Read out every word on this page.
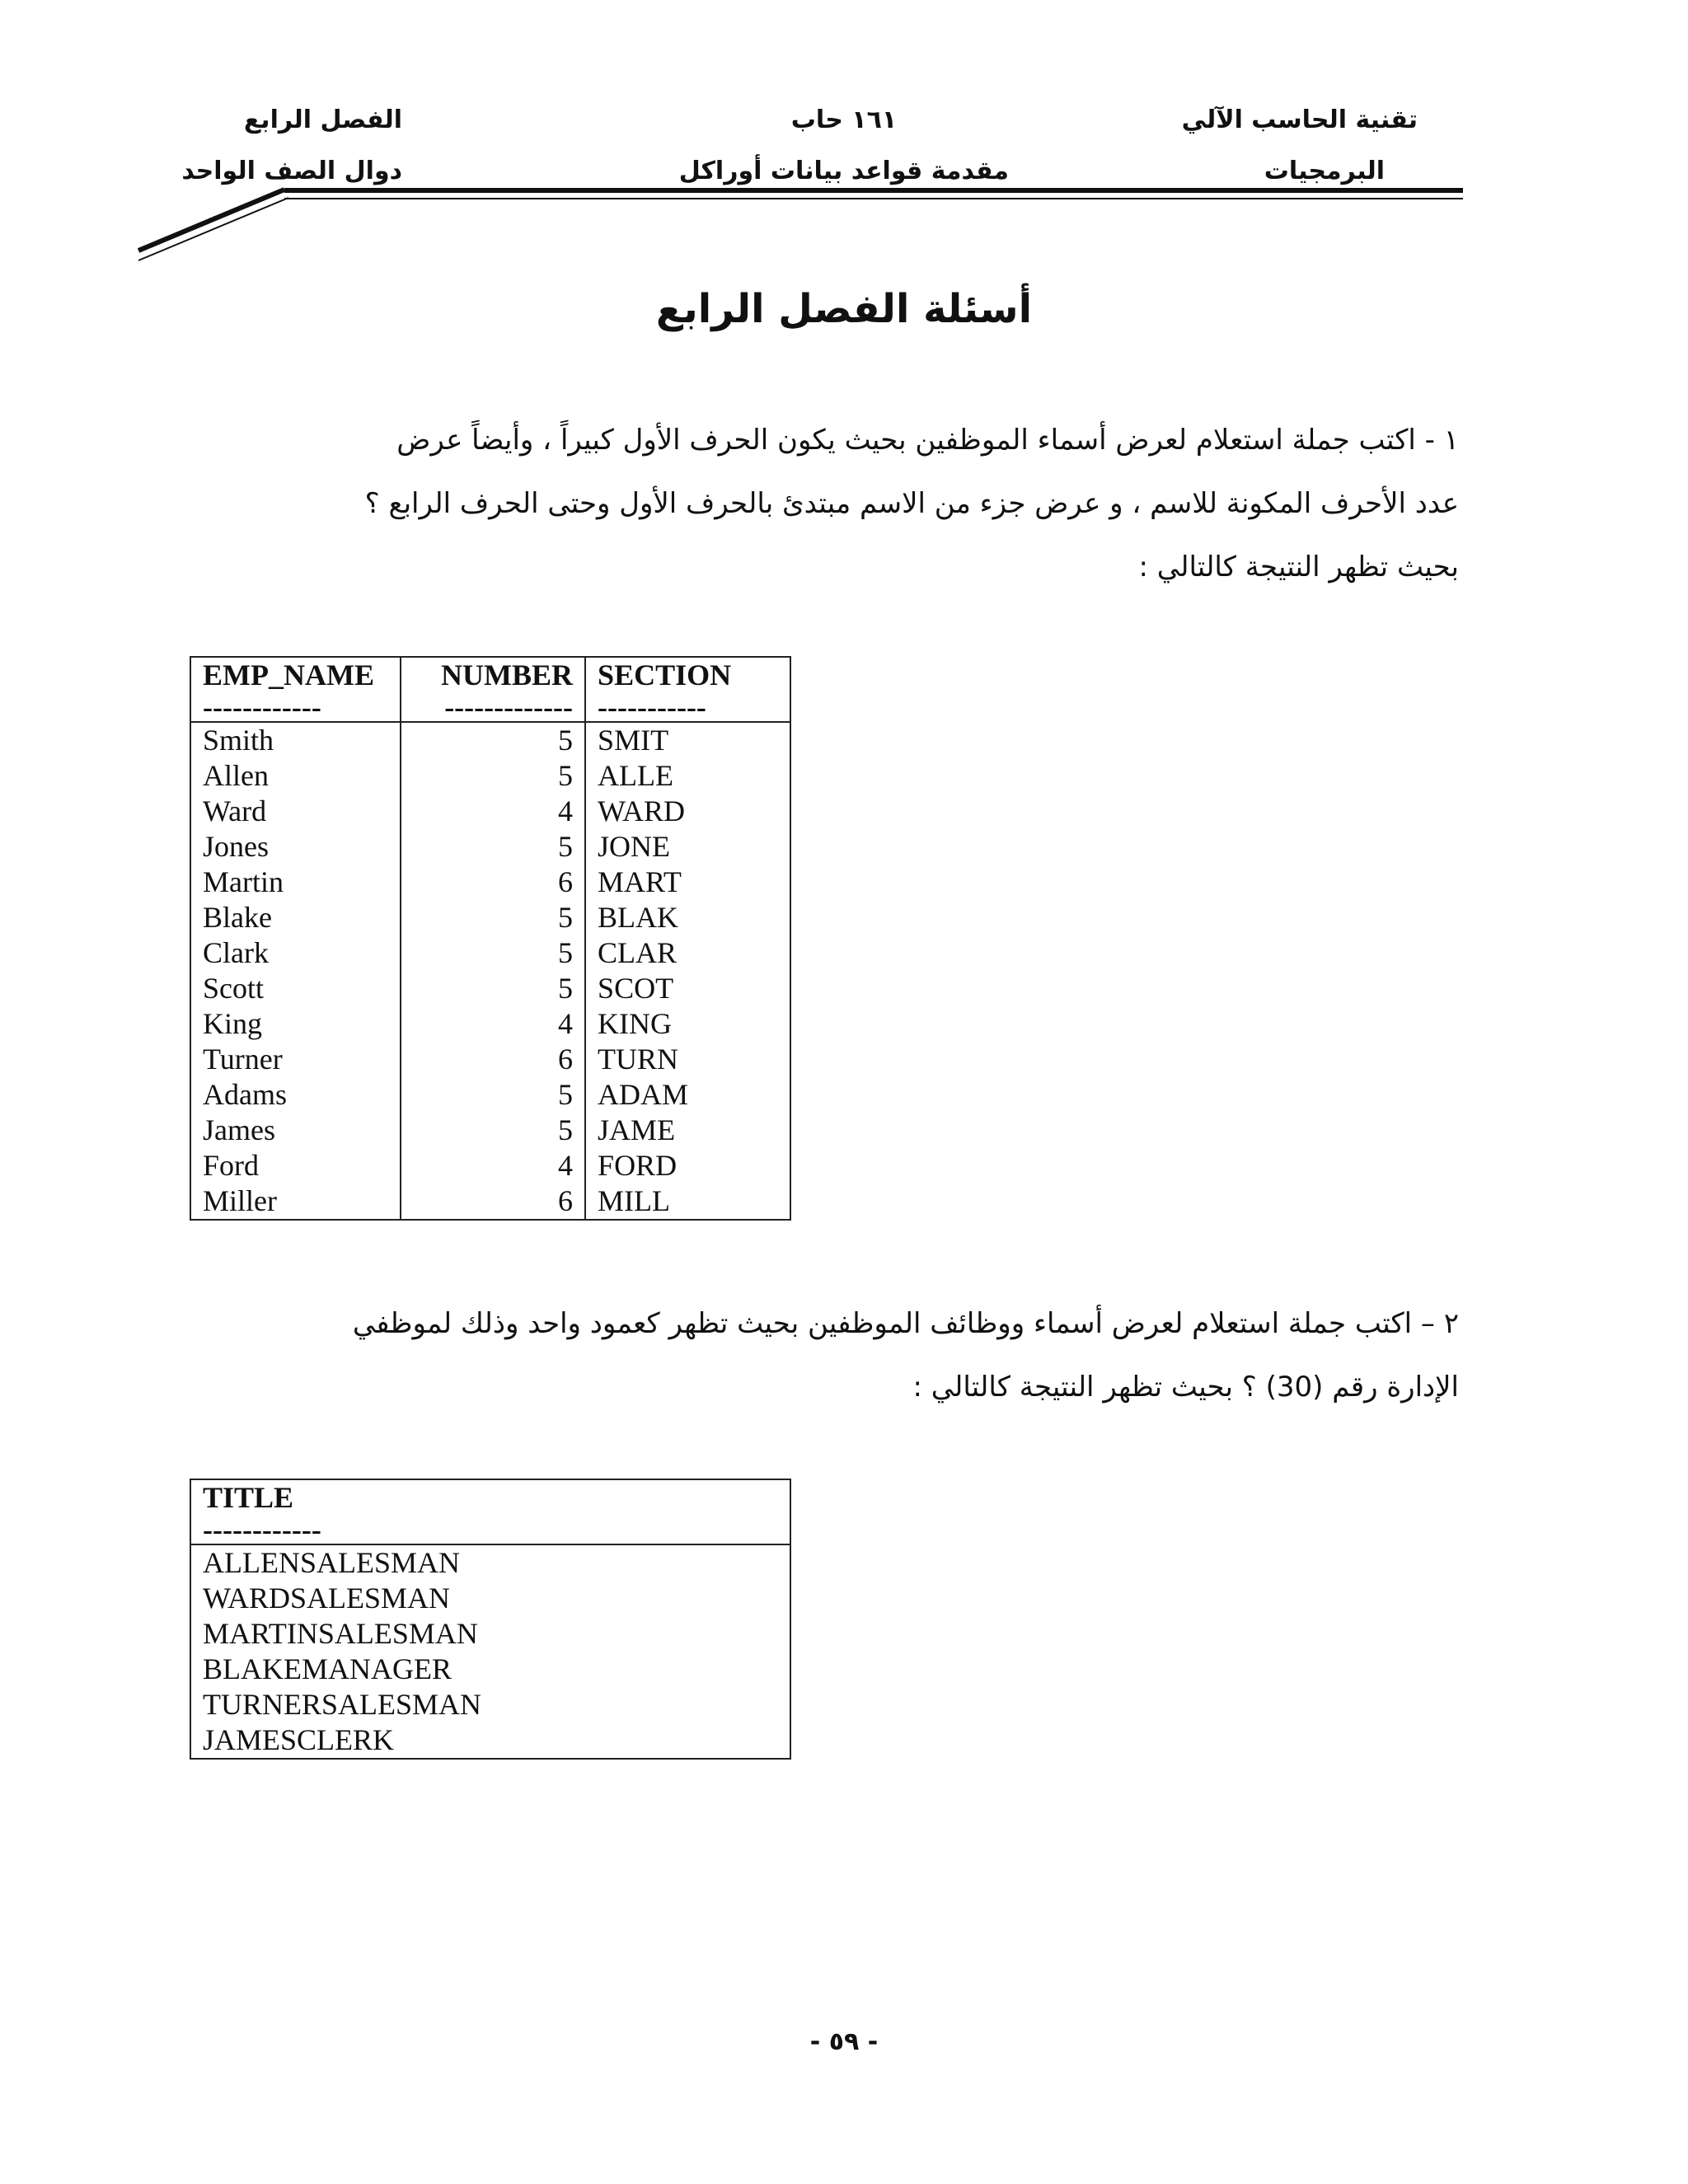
تقنية الحاسب الآلي
البرمجيات
١٦١ حاب
مقدمة قواعد بيانات أوراكل
الفصل الرابع
دوال الصف الواحد
أسئلة الفصل الرابع
١ - اكتب جملة استعلام لعرض أسماء الموظفين بحيث يكون الحرف الأول كبيراً ، وأيضاً عرض
عدد الأحرف المكونة للاسم ، و عرض جزء من الاسم مبتدئ بالحرف الأول وحتى الحرف الرابع ؟
بحيث تظهر النتيجة كالتالي :
EMP_NAME	NUMBER	SECTION
------------	-------------	-----------
Smith	5	SMIT
Allen	5	ALLE
Ward	4	WARD
Jones	5	JONE
Martin	6	MART
Blake	5	BLAK
Clark	5	CLAR
Scott	5	SCOT
King	4	KING
Turner	6	TURN
Adams	5	ADAM
James	5	JAME
Ford	4	FORD
Miller	6	MILL
٢ – اكتب جملة استعلام لعرض أسماء ووظائف الموظفين بحيث تظهر كعمود واحد وذلك لموظفي
الإدارة رقم (30) ؟ بحيث تظهر النتيجة كالتالي :
TITLE
------------
ALLENSALESMAN
WARDSALESMAN
MARTINSALESMAN
BLAKEMANAGER
TURNERSALESMAN
JAMESCLERK
- ٥٩ -
